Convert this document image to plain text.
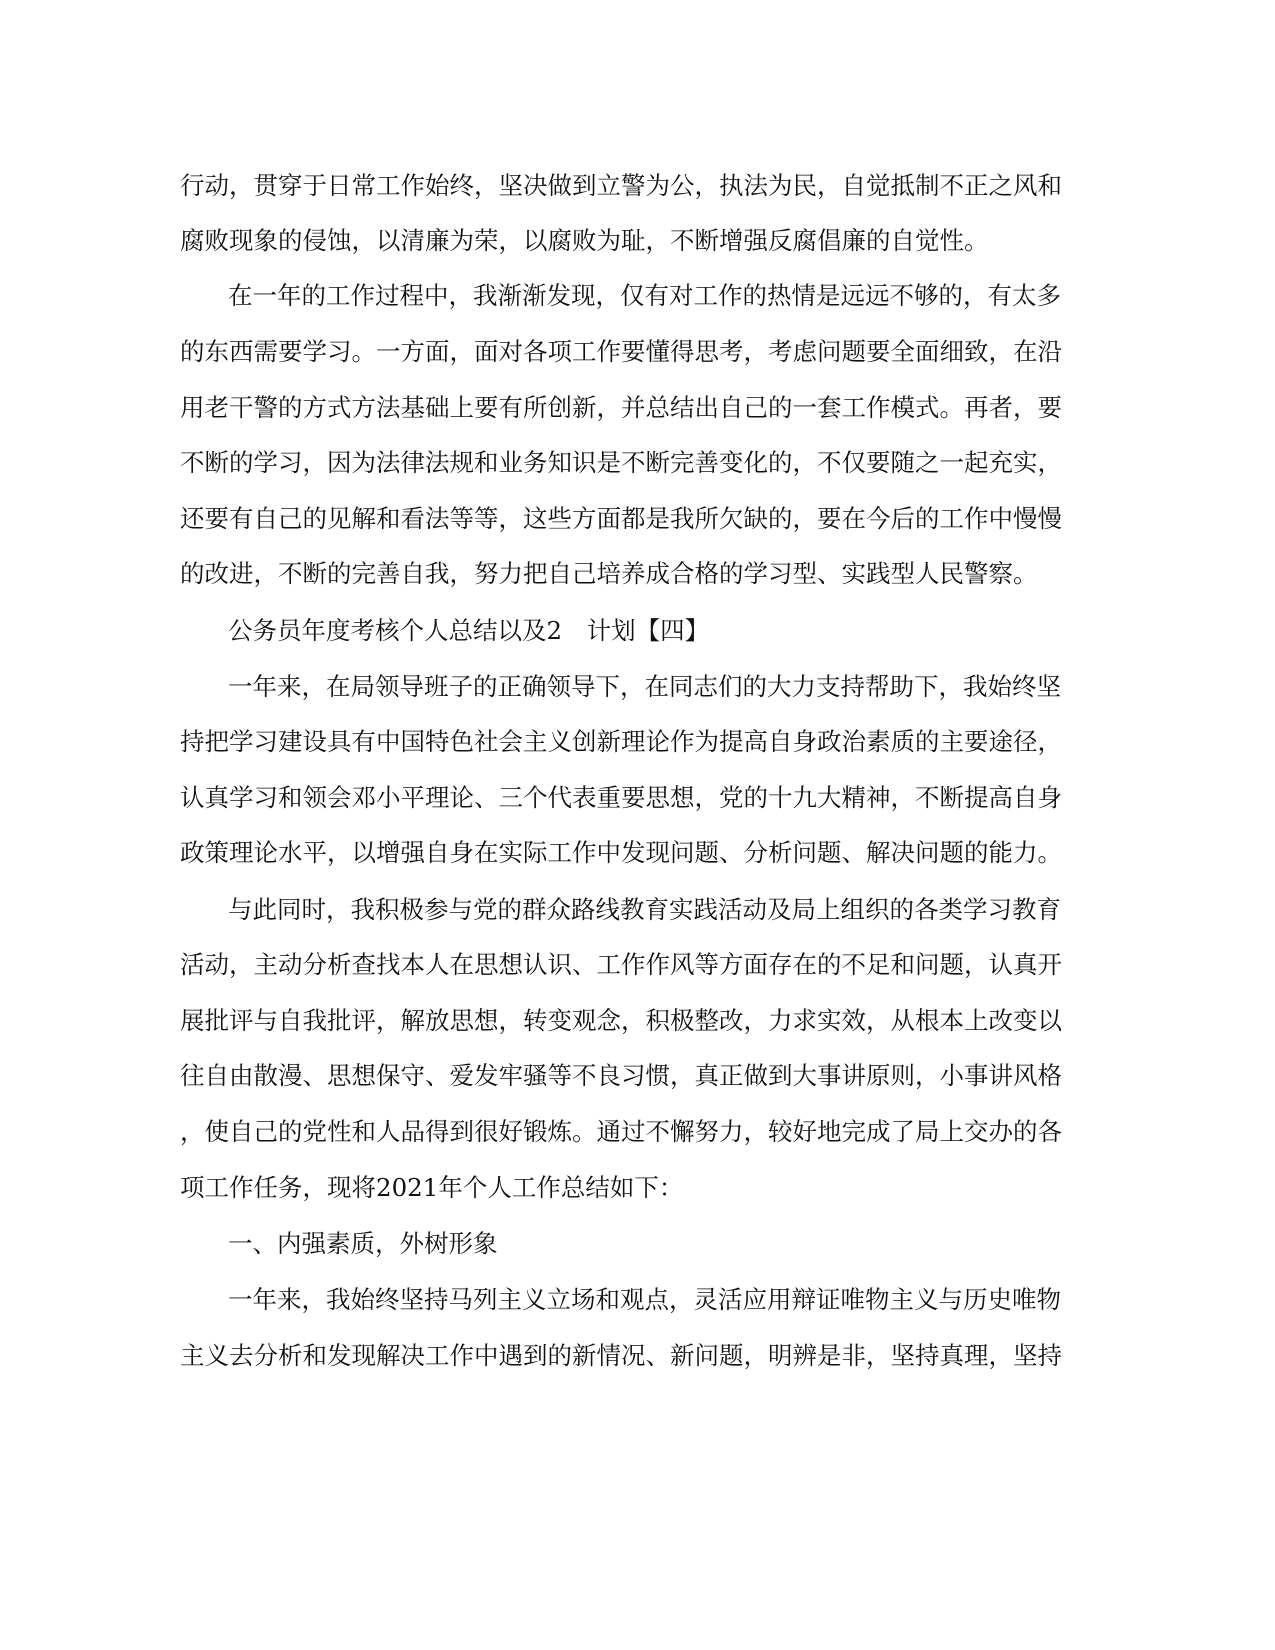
行动，贯穿于日常工作始终，坚决做到立警为公，执法为民，自觉抵制不正之风和
腐败现象的侵蚀，以清廉为荣，以腐败为耻，不断增强反腐倡廉的自觉性。
在一年的工作过程中，我渐渐发现，仅有对工作的热情是远远不够的，有太多
的东西需要学习。一方面，面对各项工作要懂得思考，考虑问题要全面细致，在沿
用老干警的方式方法基础上要有所创新，并总结出自己的一套工作模式。再者，要
不断的学习，因为法律法规和业务知识是不断完善变化的，不仅要随之一起充实，
还要有自己的见解和看法等等，这些方面都是我所欠缺的，要在今后的工作中慢慢
的改进，不断的完善自我，努力把自己培养成合格的学习型、实践型人民警察。
公务员年度考核个人总结以及2　计划【四】
一年来，在局领导班子的正确领导下，在同志们的大力支持帮助下，我始终坚
持把学习建设具有中国特色社会主义创新理论作为提高自身政治素质的主要途径，
认真学习和领会邓小平理论、三个代表重要思想，党的十九大精神，不断提高自身
政策理论水平，以增强自身在实际工作中发现问题、分析问题、解决问题的能力。
与此同时，我积极参与党的群众路线教育实践活动及局上组织的各类学习教育
活动，主动分析查找本人在思想认识、工作作风等方面存在的不足和问题，认真开
展批评与自我批评，解放思想，转变观念，积极整改，力求实效，从根本上改变以
往自由散漫、思想保守、爱发牢骚等不良习惯，真正做到大事讲原则，小事讲风格
，使自己的党性和人品得到很好锻炼。通过不懈努力，较好地完成了局上交办的各
项工作任务，现将2021年个人工作总结如下：
一、内强素质，外树形象
一年来，我始终坚持马列主义立场和观点，灵活应用辩证唯物主义与历史唯物
主义去分析和发现解决工作中遇到的新情况、新问题，明辨是非，坚持真理，坚持
